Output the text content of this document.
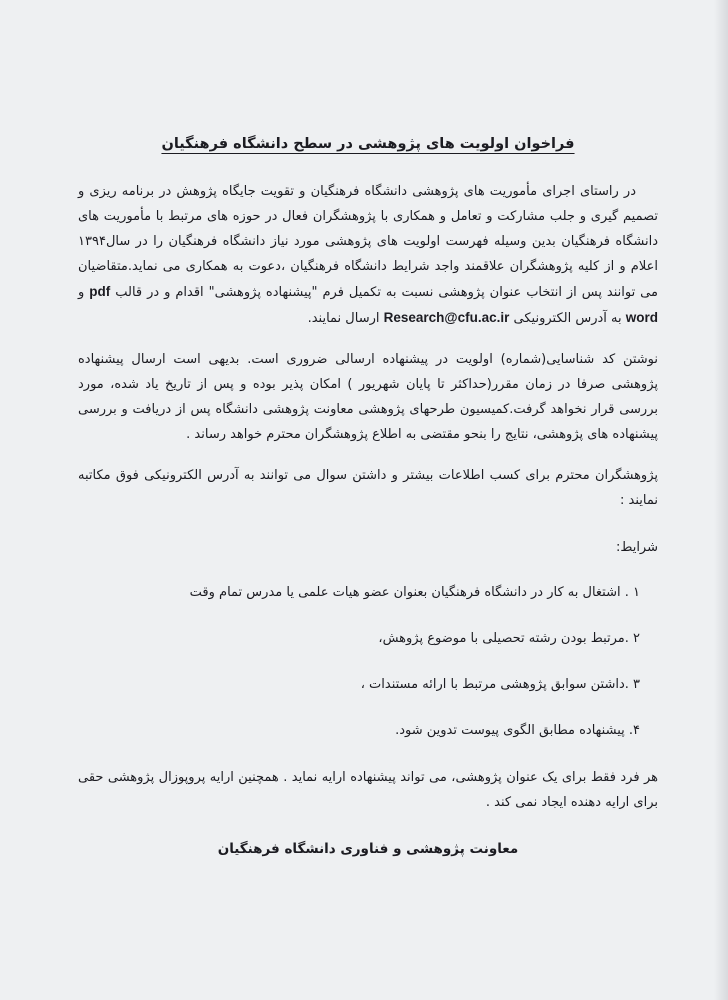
فراخوان اولویت های پژوهشی در سطح دانشگاه فرهنگیان

در راستای اجرای مأموریت های پژوهشی دانشگاه فرهنگیان و تقویت جایگاه پژوهش در برنامه ریزی و تصمیم گیری و جلب مشارکت و تعامل و همکاری با پژوهشگران فعال در حوزه های مرتبط با مأموریت های دانشگاه فرهنگیان بدین وسیله فهرست اولویت های پژوهشی مورد نیاز دانشگاه فرهنگیان را در سال۱۳۹۴ اعلام و از کلیه پژوهشگران علاقمند واجد شرایط دانشگاه فرهنگیان ،دعوت به همکاری می نماید.متقاضیان می توانند پس از انتخاب عنوان پژوهشی نسبت به تکمیل فرم "پیشنهاده پژوهشی" اقدام و در قالب pdf و word به آدرس الکترونیکی Research@cfu.ac.ir ارسال نمایند.

نوشتن کد شناسایی(شماره) اولویت در پیشنهاده ارسالی ضروری است. بدیهی است ارسال پیشنهاده پژوهشی صرفا در زمان مقرر(حداکثر تا پایان شهریور ) امکان پذیر بوده و پس از تاریخ یاد شده، مورد بررسی قرار نخواهد گرفت.کمیسیون طرحهای پژوهشی معاونت پژوهشی دانشگاه پس از دریافت و بررسی پیشنهاده های پژوهشی، نتایج را بنحو مقتضی به اطلاع پژوهشگران محترم خواهد رساند .

پژوهشگران محترم برای کسب اطلاعات بیشتر و داشتن سوال می توانند به آدرس الکترونیکی فوق مکاتبه نمایند :

شرایط:
۱ . اشتغال به کار در دانشگاه فرهنگیان بعنوان عضو هیات علمی یا مدرس تمام وقت
۲ .مرتبط بودن رشته تحصیلی با موضوع پژوهش،
۳ .داشتن سوابق پژوهشی مرتبط با ارائه مستندات ،
۴. پیشنهاده مطابق الگوی پیوست تدوین شود.

هر فرد فقط برای یک عنوان پژوهشی، می تواند پیشنهاده ارایه نماید . همچنین ارایه پروپوزال پژوهشی حقی برای ارایه دهنده ایجاد نمی کند .

معاونت پژوهشی و فناوری دانشگاه فرهنگیان
